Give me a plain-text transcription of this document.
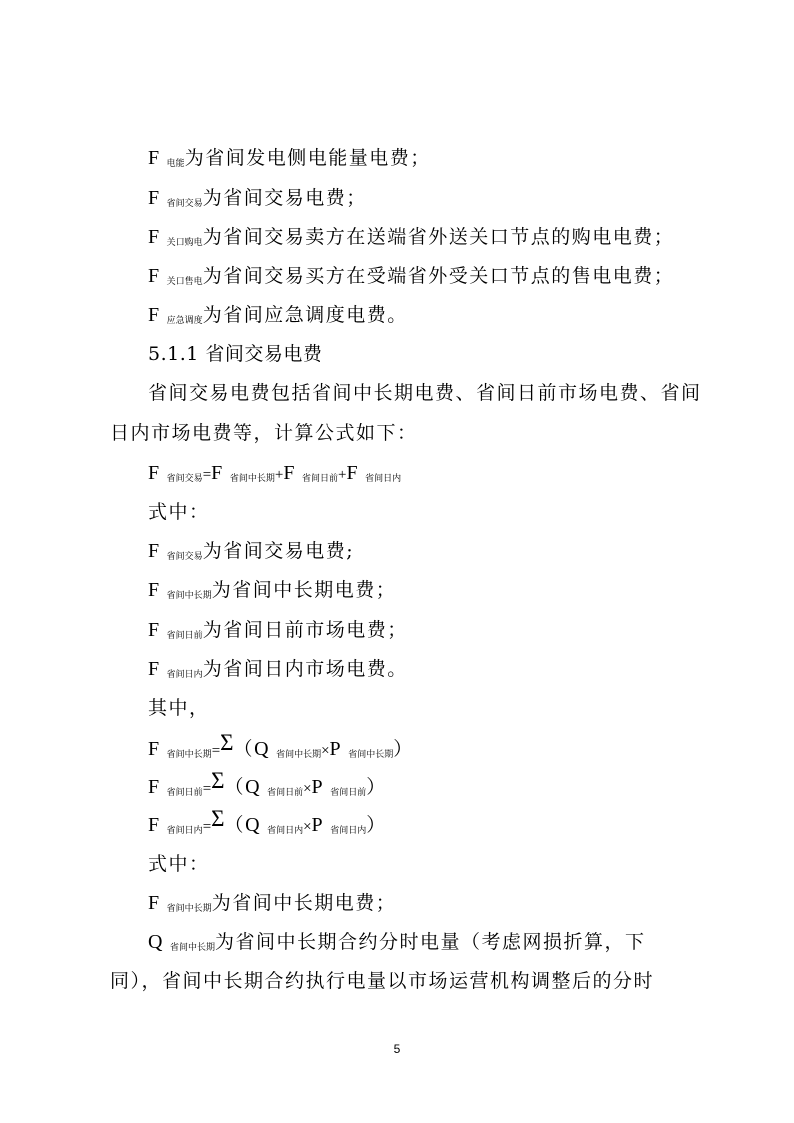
F $_{电能}$为省间发电侧电能量电费；
F $_{省间交易}$为省间交易电费；
F $_{关口购电}$为省间交易卖方在送端省外送关口节点的购电电费；
F $_{关口售电}$为省间交易买方在受端省外受关口节点的售电电费；
F $_{应急调度}$为省间应急调度电费。
5.1.1 省间交易电费
省间交易电费包括省间中长期电费、省间日前市场电费、省间
日内市场电费等，计算公式如下：
F $_{省间交易}$=F $_{省间中长期}$+F $_{省间日前}$+F $_{省间日内}$
式中：
F $_{省间交易}$为省间交易电费;
F $_{省间中长期}$为省间中长期电费；
F $_{省间日前}$为省间日前市场电费；
F $_{省间日内}$为省间日内市场电费。
其中，
F $_{省间中长期}$=Σ（Q $_{省间中长期}$×P $_{省间中长期}$）
F $_{省间日前}$=Σ（Q $_{省间日前}$×P $_{省间日前}$）
F $_{省间日内}$=Σ（Q $_{省间日内}$×P $_{省间日内}$）
式中：
F $_{省间中长期}$为省间中长期电费；
Q $_{省间中长期}$为省间中长期合约分时电量（考虑网损折算，下
同），省间中长期合约执行电量以市场运营机构调整后的分时
5
